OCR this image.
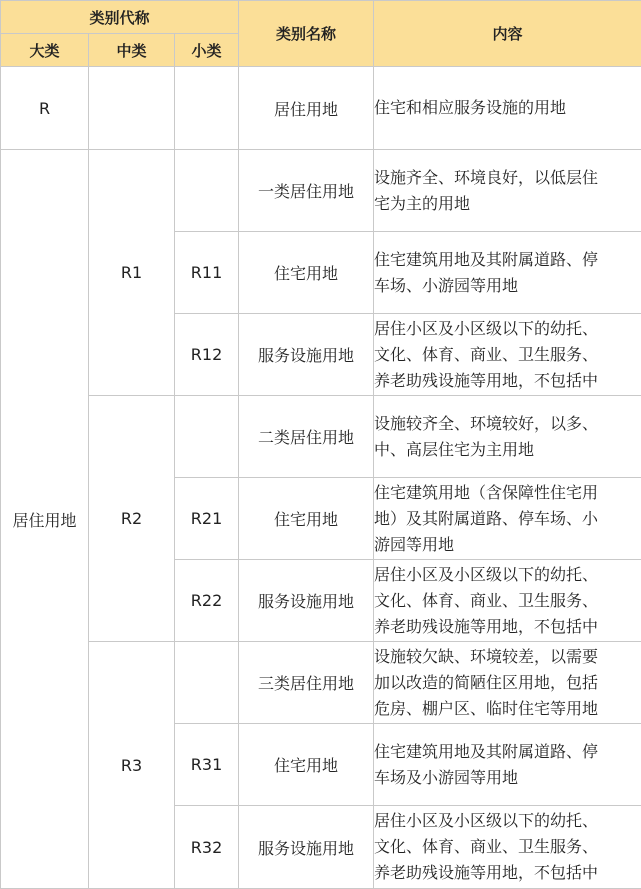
类别代称			类别名称	内容
大类	中类	小类		
R			居住用地	住宅和相应服务设施的用地

居住用地	R1		一类居住用地	设施齐全、环境良好，以低层住
宅为主的用地

		R11	住宅用地	住宅建筑用地及其附属道路、停
车场、小游园等用地

		R12	服务设施用地	居住小区及小区级以下的幼托、
文化、体育、商业、卫生服务、
养老助残设施等用地，不包括中

	R2		二类居住用地	设施较齐全、环境较好，以多、
中、高层住宅为主用地

		R21	住宅用地	住宅建筑用地（含保障性住宅用
地）及其附属道路、停车场、小
游园等用地

		R22	服务设施用地	居住小区及小区级以下的幼托、
文化、体育、商业、卫生服务、
养老助残设施等用地，不包括中

	R3		三类居住用地	设施较欠缺、环境较差，以需要
加以改造的简陋住区用地，包括
危房、棚户区、临时住宅等用地

		R31	住宅用地	住宅建筑用地及其附属道路、停
车场及小游园等用地

		R32	服务设施用地	居住小区及小区级以下的幼托、
文化、体育、商业、卫生服务、
养老助残设施等用地，不包括中
